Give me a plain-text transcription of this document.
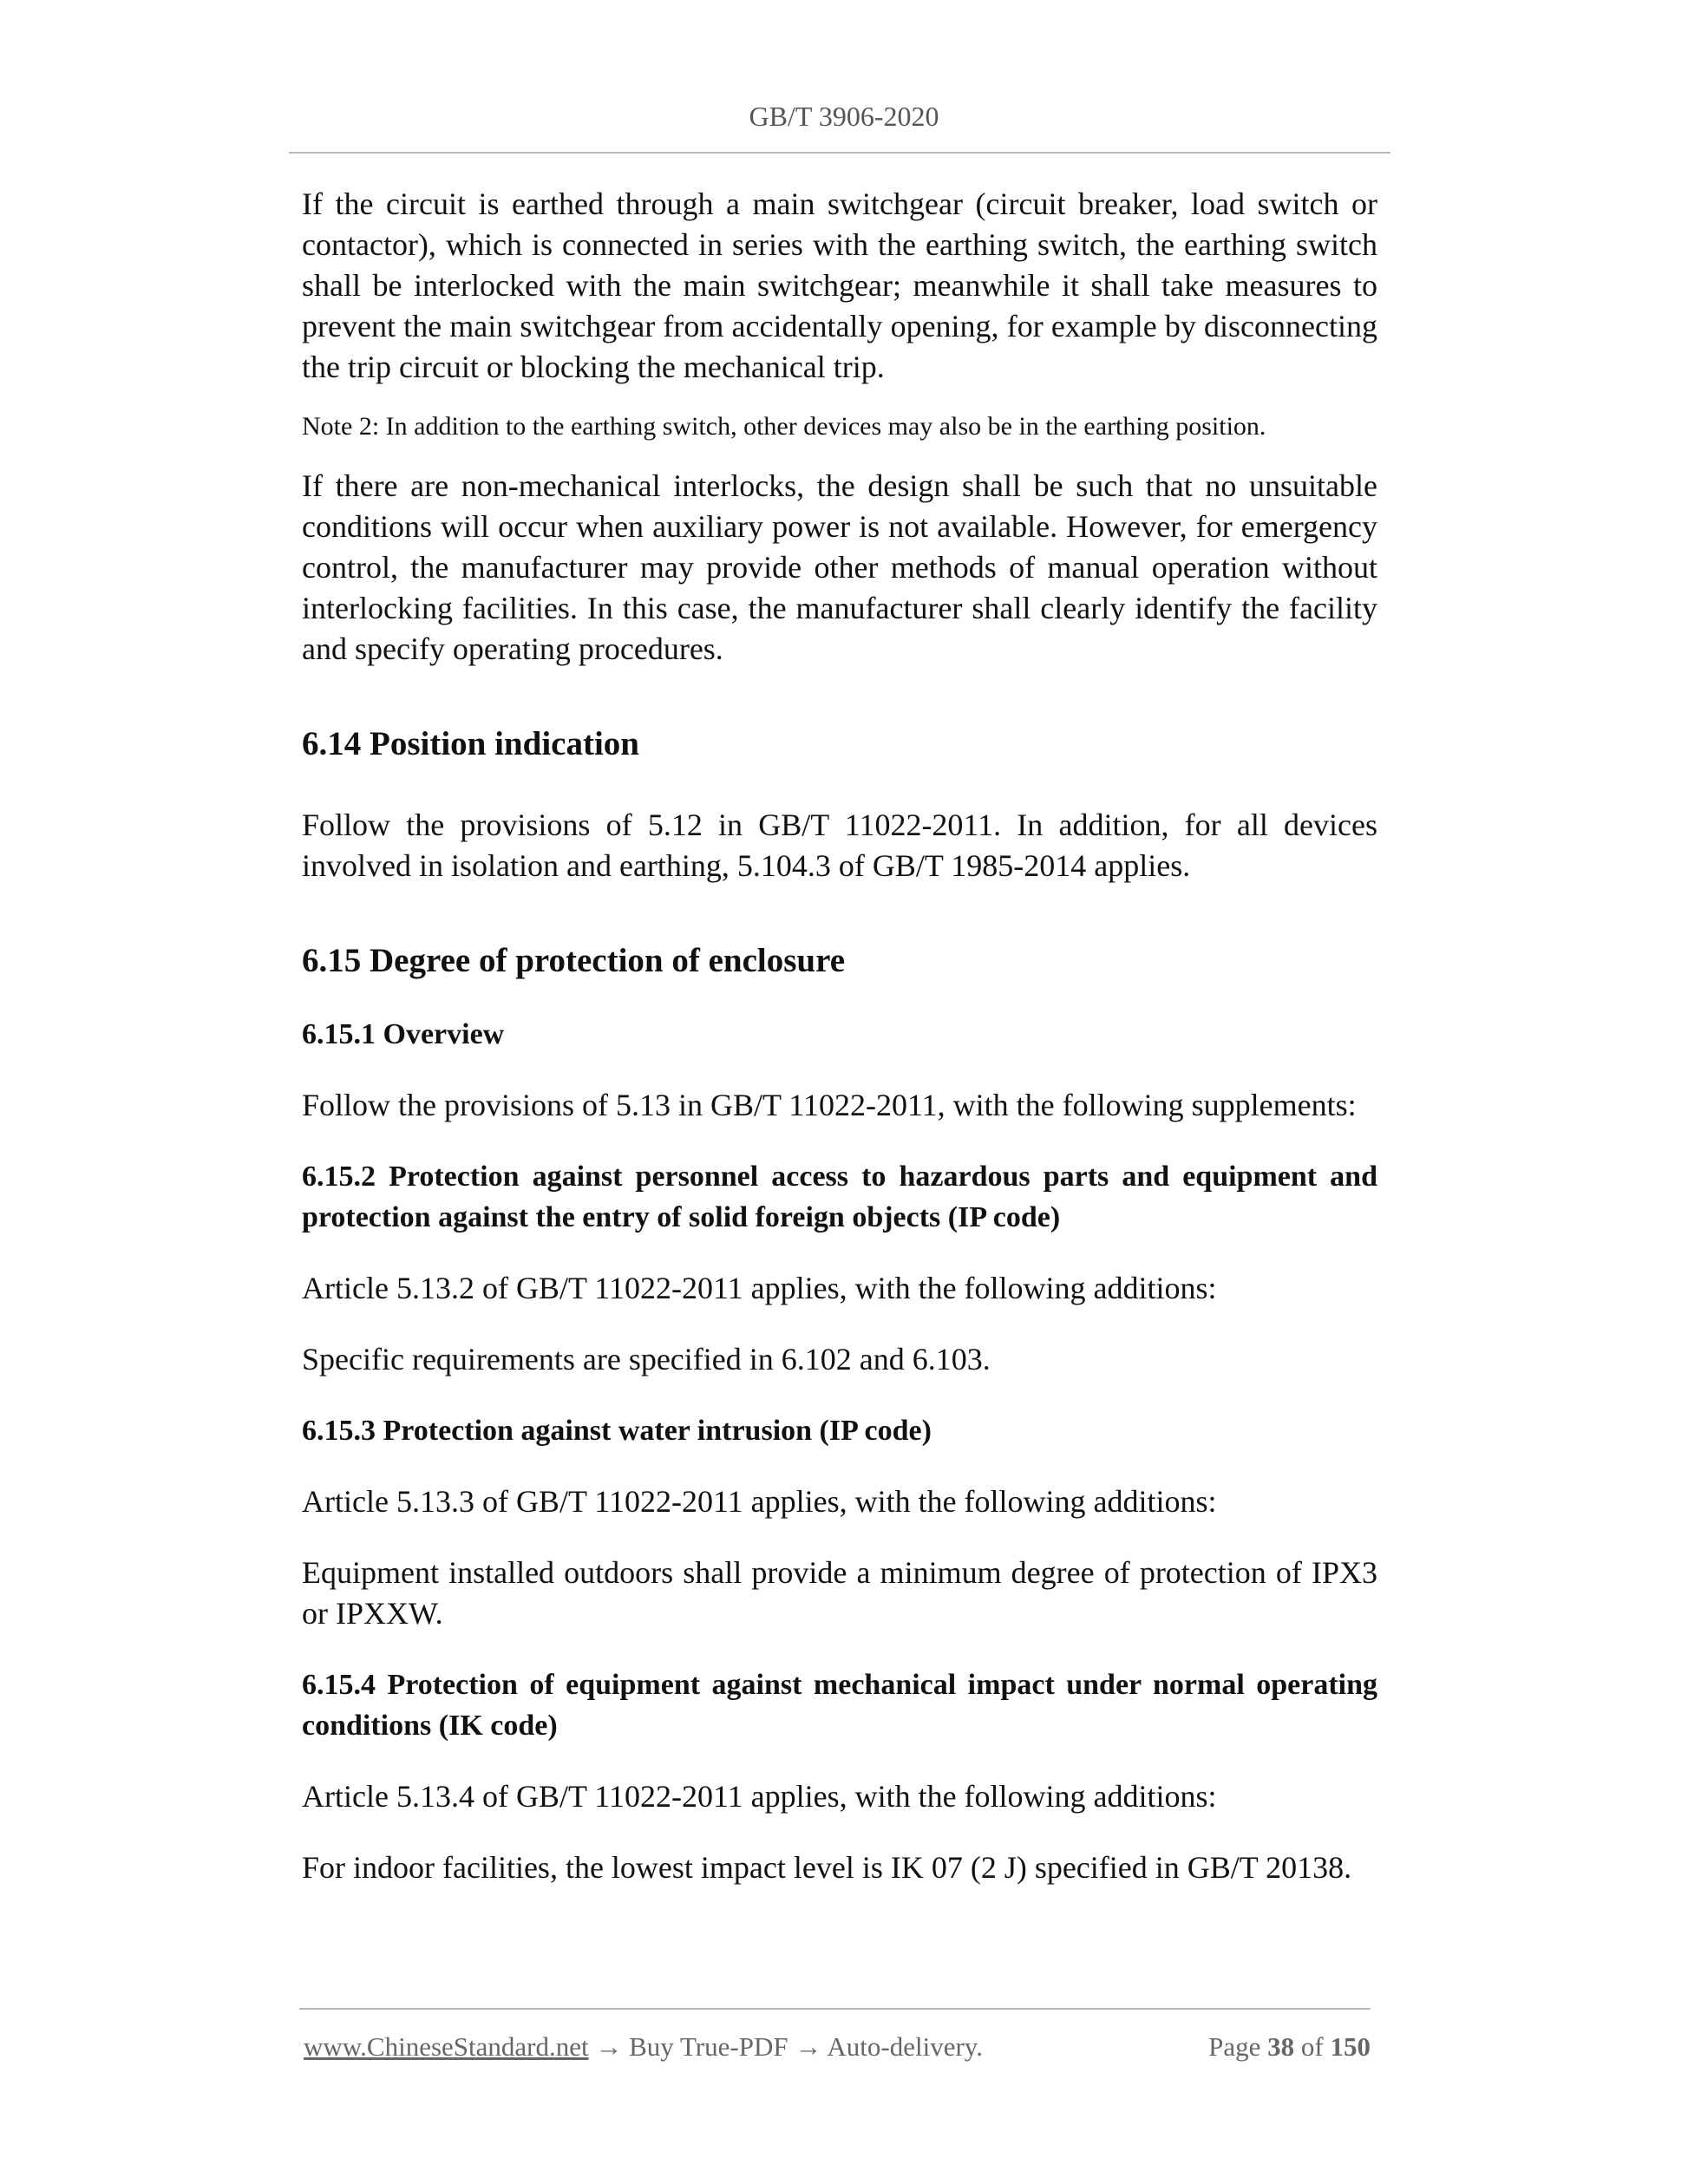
GB/T 3906-2020

If the circuit is earthed through a main switchgear (circuit breaker, load switch or contactor), which is connected in series with the earthing switch, the earthing switch shall be interlocked with the main switchgear; meanwhile it shall take measures to prevent the main switchgear from accidentally opening, for example by disconnecting the trip circuit or blocking the mechanical trip.

Note 2: In addition to the earthing switch, other devices may also be in the earthing position.

If there are non-mechanical interlocks, the design shall be such that no unsuitable conditions will occur when auxiliary power is not available. However, for emergency control, the manufacturer may provide other methods of manual operation without interlocking facilities. In this case, the manufacturer shall clearly identify the facility and specify operating procedures.

6.14 Position indication

Follow the provisions of 5.12 in GB/T 11022-2011. In addition, for all devices involved in isolation and earthing, 5.104.3 of GB/T 1985-2014 applies.

6.15 Degree of protection of enclosure
6.15.1 Overview

Follow the provisions of 5.13 in GB/T 11022-2011, with the following supplements:

6.15.2 Protection against personnel access to hazardous parts and equipment and protection against the entry of solid foreign objects (IP code)

Article 5.13.2 of GB/T 11022-2011 applies, with the following additions:

Specific requirements are specified in 6.102 and 6.103.

6.15.3 Protection against water intrusion (IP code)

Article 5.13.3 of GB/T 11022-2011 applies, with the following additions:

Equipment installed outdoors shall provide a minimum degree of protection of IPX3 or IPXXW.

6.15.4 Protection of equipment against mechanical impact under normal operating conditions (IK code)

Article 5.13.4 of GB/T 11022-2011 applies, with the following additions:

For indoor facilities, the lowest impact level is IK 07 (2 J) specified in GB/T 20138.

www.ChineseStandard.net → Buy True-PDF → Auto-delivery.	Page 38 of 150
